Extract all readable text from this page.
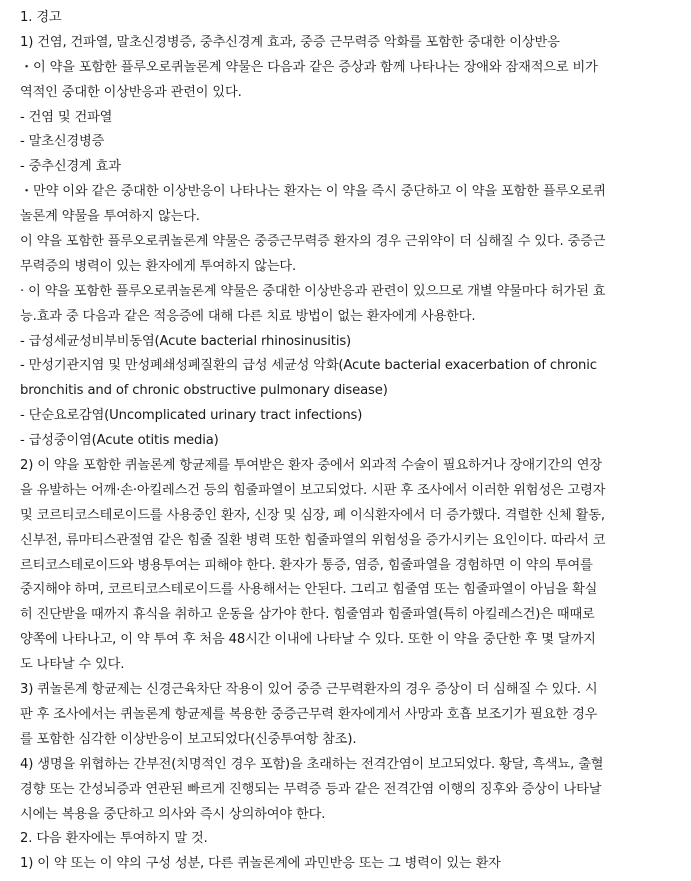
1. 경고
1) 건염, 건파열, 말초신경병증, 중추신경계 효과, 중증 근무력증 악화를 포함한 중대한 이상반응
・이 약을 포함한 플루오로퀴놀론계 약물은 다음과 같은 증상과 함께 나타나는 장애와 잠재적으로 비가
역적인 중대한 이상반응과 관련이 있다.
- 건염 및 건파열
- 말초신경병증
- 중추신경계 효과
・만약 이와 같은 중대한 이상반응이 나타나는 환자는 이 약을 즉시 중단하고 이 약을 포함한 플루오로퀴
놀론계 약물을 투여하지 않는다.
이 약을 포함한 플루오로퀴놀론계 약물은 중증근무력증 환자의 경우 근위약이 더 심해질 수 있다. 중증근
무력증의 병력이 있는 환자에게 투여하지 않는다.
· 이 약을 포함한 플루오로퀴놀론계 약물은 중대한 이상반응과 관련이 있으므로 개별 약물마다 허가된 효
능.효과 중 다음과 같은 적응증에 대해 다른 치료 방법이 없는 환자에게 사용한다.
- 급성세균성비부비동염(Acute bacterial rhinosinusitis)
- 만성기관지염 및 만성폐쇄성폐질환의 급성 세균성 악화(Acute bacterial exacerbation of chronic
bronchitis and of chronic obstructive pulmonary disease)
- 단순요로감염(Uncomplicated urinary tract infections)
- 급성중이염(Acute otitis media)
2) 이 약을 포함한 퀴놀론계 항균제를 투여받은 환자 중에서 외과적 수술이 필요하거나 장애기간의 연장
을 유발하는 어깨·손·아킬레스건 등의 힘줄파열이 보고되었다. 시판 후 조사에서 이러한 위험성은 고령자
및 코르티코스테로이드를 사용중인 환자, 신장 및 심장, 폐 이식환자에서 더 증가했다. 격렬한 신체 활동,
신부전, 류마티스관절염 같은 힘줄 질환 병력 또한 힘줄파열의 위험성을 증가시키는 요인이다. 따라서 코
르티코스테로이드와 병용투여는 피해야 한다. 환자가 통증, 염증, 힘줄파열을 경험하면 이 약의 투여를
중지해야 하며, 코르티코스테로이드를 사용해서는 안된다. 그리고 힘줄염 또는 힘줄파열이 아님을 확실
히 진단받을 때까지 휴식을 취하고 운동을 삼가야 한다. 힘줄염과 힘줄파열(특히 아킬레스건)은 때때로
양쪽에 나타나고, 이 약 투여 후 처음 48시간 이내에 나타날 수 있다. 또한 이 약을 중단한 후 몇 달까지
도 나타날 수 있다.
3) 퀴놀론계 항균제는 신경근육차단 작용이 있어 중증 근무력환자의 경우 증상이 더 심해질 수 있다. 시
판 후 조사에서는 퀴놀론계 항균제를 복용한 중증근무력 환자에게서 사망과 호흡 보조기가 필요한 경우
를 포함한 심각한 이상반응이 보고되었다(신중투여항 참조).
4) 생명을 위협하는 간부전(치명적인 경우 포함)을 초래하는 전격간염이 보고되었다. 황달, 흑색뇨, 출혈
경향 또는 간성뇌증과 연관된 빠르게 진행되는 무력증 등과 같은 전격간염 이행의 징후와 증상이 나타날
시에는 복용을 중단하고 의사와 즉시 상의하여야 한다.
2. 다음 환자에는 투여하지 말 것.
1) 이 약 또는 이 약의 구성 성분, 다른 퀴놀론계에 과민반응 또는 그 병력이 있는 환자
